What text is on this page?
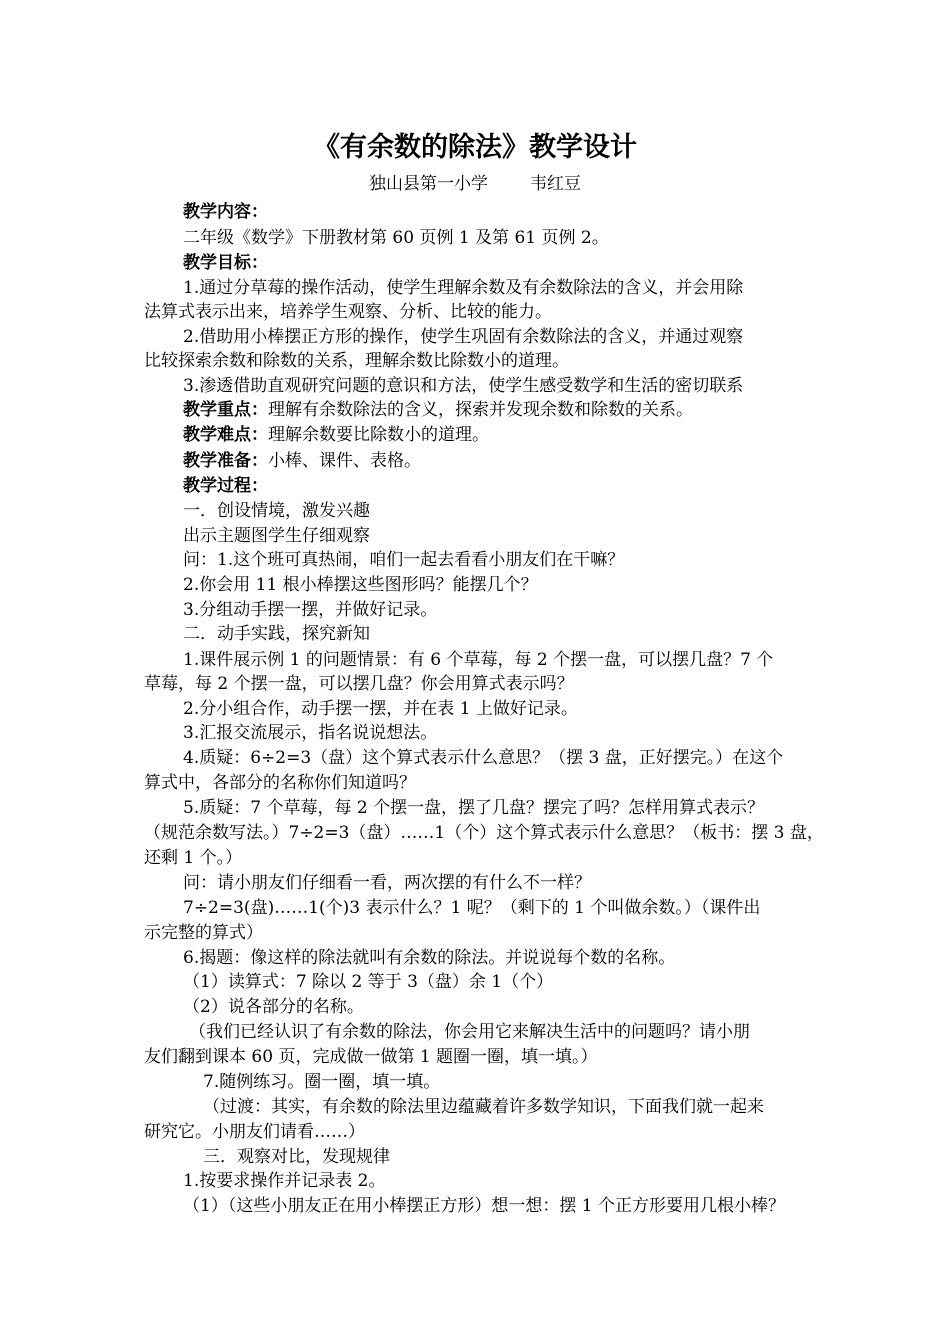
《有余数的除法》教学设计
独山县第一小学 韦红豆
教学内容：
二年级《数学》下册教材第 60 页例 1 及第 61 页例 2。
教学目标：
1.通过分草莓的操作活动，使学生理解余数及有余数除法的含义，并会用除
法算式表示出来，培养学生观察、分析、比较的能力。
2.借助用小棒摆正方形的操作，使学生巩固有余数除法的含义，并通过观察
比较探索余数和除数的关系，理解余数比除数小的道理。
3.渗透借助直观研究问题的意识和方法，使学生感受数学和生活的密切联系
教学重点：理解有余数除法的含义，探索并发现余数和除数的关系。
教学难点：理解余数要比除数小的道理。
教学准备：小棒、课件、表格。
教学过程：
一．创设情境，激发兴趣
出示主题图学生仔细观察
问：1.这个班可真热闹，咱们一起去看看小朋友们在干嘛？
2.你会用 11 根小棒摆这些图形吗？能摆几个？
3.分组动手摆一摆，并做好记录。
二．动手实践，探究新知
1.课件展示例 1 的问题情景：有 6 个草莓，每 2 个摆一盘，可以摆几盘？7 个
草莓，每 2 个摆一盘，可以摆几盘？你会用算式表示吗？
2.分小组合作，动手摆一摆，并在表 1 上做好记录。
3.汇报交流展示，指名说说想法。
4.质疑：6÷2=3（盘）这个算式表示什么意思？（摆 3 盘，正好摆完。）在这个
算式中，各部分的名称你们知道吗？
5.质疑：7 个草莓，每 2 个摆一盘，摆了几盘？摆完了吗？怎样用算式表示？
（规范余数写法。）7÷2=3（盘）……1（个）这个算式表示什么意思？（板书：摆 3 盘，
还剩 1 个。）
问：请小朋友们仔细看一看，两次摆的有什么不一样？
7÷2=3(盘)……1(个)3 表示什么？1 呢？（剩下的 1 个叫做余数。）（课件出
示完整的算式）
6.揭题：像这样的除法就叫有余数的除法。并说说每个数的名称。
（1）读算式：7 除以 2 等于 3（盘）余 1（个）
（2）说各部分的名称。
（我们已经认识了有余数的除法，你会用它来解决生活中的问题吗？请小朋
友们翻到课本 60 页，完成做一做第 1 题圈一圈，填一填。）
7.随例练习。圈一圈，填一填。
（过渡：其实，有余数的除法里边蕴藏着许多数学知识，下面我们就一起来
研究它。小朋友们请看……）
三．观察对比，发现规律
1.按要求操作并记录表 2。
（1）（这些小朋友正在用小棒摆正方形）想一想：摆 1 个正方形要用几根小棒？
